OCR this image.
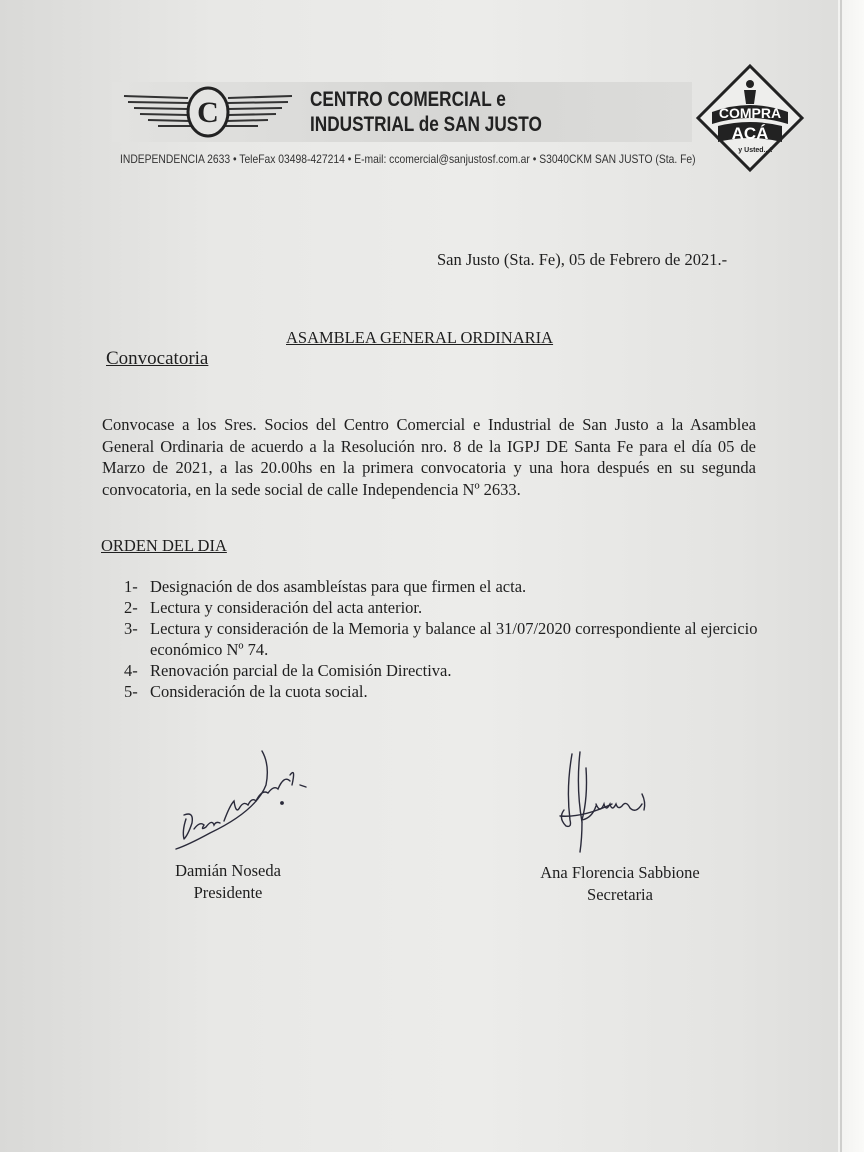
C	CENTRO COMERCIAL e
INDUSTRIAL de SAN JUSTO
INDEPENDENCIA 2633 • TeleFax 03498-427214 • E-mail: ccomercial@sanjustosf.com.ar • S3040CKM SAN JUSTO (Sta. Fe)
COMPRA
ACÁ
y Usted...?
San Justo (Sta. Fe), 05 de Febrero de 2021.-
ASAMBLEA GENERAL ORDINARIA
Convocatoria
Convocase a los Sres. Socios del Centro Comercial e Industrial de San Justo a la Asamblea General Ordinaria de acuerdo a la Resolución nro. 8 de la IGPJ DE Santa Fe para el día 05 de Marzo de 2021, a las 20.00hs en la primera convocatoria y una hora después en su segunda convocatoria, en la sede social de calle Independencia Nº 2633.
ORDEN DEL DIA
1- Designación de dos asambleístas para que firmen el acta.
2- Lectura y consideración del acta anterior.
3- Lectura y consideración de la Memoria y balance al 31/07/2020 correspondiente al ejercicio económico Nº 74.
4- Renovación parcial de la Comisión Directiva.
5- Consideración de la cuota social.
Damián Noseda
Presidente
Ana Florencia Sabbione
Secretaria
